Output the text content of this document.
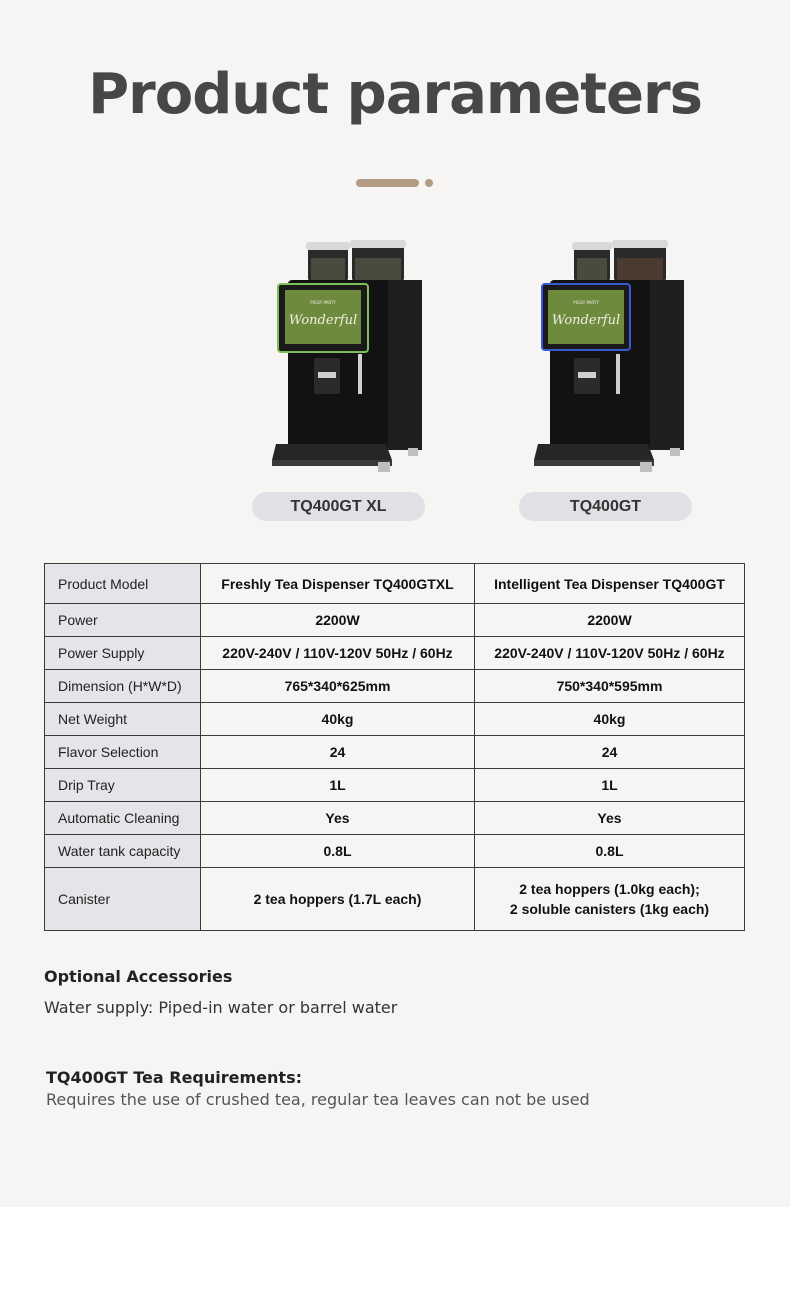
Product parameters
Wonderful
PIGGY PARTY
Wonderful
PIGGY PARTY
TQ400GT XL	TQ400GT
Product Model	Freshly Tea Dispenser TQ400GTXL	Intelligent Tea Dispenser TQ400GT
Power	2200W	2200W
Power Supply	220V-240V / 110V-120V 50Hz / 60Hz	220V-240V / 110V-120V 50Hz / 60Hz
Dimension (H*W*D)	765*340*625mm	750*340*595mm
Net Weight	40kg	40kg
Flavor Selection	24	24
Drip Tray	1L	1L
Automatic Cleaning	Yes	Yes
Water tank capacity	0.8L	0.8L
Canister	2 tea hoppers (1.7L each)	2 tea hoppers (1.0kg each);
2 soluble canisters (1kg each)

Optional Accessories

Water supply: Piped-in water or barrel water

TQ400GT Tea Requirements:

Requires the use of crushed tea, regular tea leaves can not be used
